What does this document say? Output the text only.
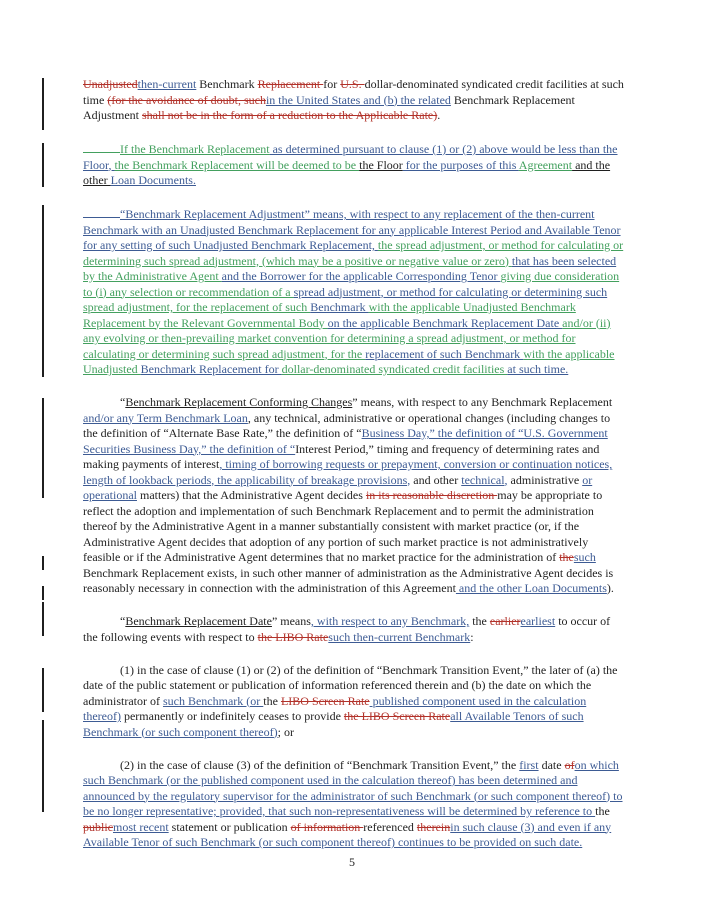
Unadjustedthen-current Benchmark Replacement for U.S. dollar-denominated syndicated credit facilities at such time (for the avoidance of doubt, suchin the United States and (b) the related Benchmark Replacement Adjustment shall not be in the form of a reduction to the Applicable Rate).

If the Benchmark Replacement as determined pursuant to clause (1) or (2) above would be less than the Floor, the Benchmark Replacement will be deemed to be the Floor for the purposes of this Agreement and the other Loan Documents.

“Benchmark Replacement Adjustment” means, with respect to any replacement of the then-current Benchmark with an Unadjusted Benchmark Replacement for any applicable Interest Period and Available Tenor for any setting of such Unadjusted Benchmark Replacement, the spread adjustment, or method for calculating or determining such spread adjustment, (which may be a positive or negative value or zero) that has been selected by the Administrative Agent and the Borrower for the applicable Corresponding Tenor giving due consideration to (i) any selection or recommendation of a spread adjustment, or method for calculating or determining such spread adjustment, for the replacement of such Benchmark with the applicable Unadjusted Benchmark Replacement by the Relevant Governmental Body on the applicable Benchmark Replacement Date and/or (ii) any evolving or then-prevailing market convention for determining a spread adjustment, or method for calculating or determining such spread adjustment, for the replacement of such Benchmark with the applicable Unadjusted Benchmark Replacement for dollar-denominated syndicated credit facilities at such time.

“Benchmark Replacement Conforming Changes” means, with respect to any Benchmark Replacement and/or any Term Benchmark Loan, any technical, administrative or operational changes (including changes to the definition of “Alternate Base Rate,” the definition of “Business Day,” the definition of “U.S. Government Securities Business Day,” the definition of “Interest Period,” timing and frequency of determining rates and making payments of interest, timing of borrowing requests or prepayment, conversion or continuation notices, length of lookback periods, the applicability of breakage provisions, and other technical, administrative or operational matters) that the Administrative Agent decides in its reasonable discretion may be appropriate to reflect the adoption and implementation of such Benchmark Replacement and to permit the administration thereof by the Administrative Agent in a manner substantially consistent with market practice (or, if the Administrative Agent decides that adoption of any portion of such market practice is not administratively feasible or if the Administrative Agent determines that no market practice for the administration of thesuch Benchmark Replacement exists, in such other manner of administration as the Administrative Agent decides is reasonably necessary in connection with the administration of this Agreement and the other Loan Documents).

“Benchmark Replacement Date” means, with respect to any Benchmark, the earlierearliest to occur of the following events with respect to the LIBO Ratesuch then-current Benchmark:

(1) in the case of clause (1) or (2) of the definition of “Benchmark Transition Event,” the later of (a) the date of the public statement or publication of information referenced therein and (b) the date on which the administrator of such Benchmark (or the LIBO Screen Rate published component used in the calculation thereof) permanently or indefinitely ceases to provide the LIBO Screen Rateall Available Tenors of such Benchmark (or such component thereof); or

(2) in the case of clause (3) of the definition of “Benchmark Transition Event,” the first date ofon which such Benchmark (or the published component used in the calculation thereof) has been determined and announced by the regulatory supervisor for the administrator of such Benchmark (or such component thereof) to be no longer representative; provided, that such non-representativeness will be determined by reference to the publicmost recent statement or publication of information referenced thereinin such clause (3) and even if any Available Tenor of such Benchmark (or such component thereof) continues to be provided on such date.

5
